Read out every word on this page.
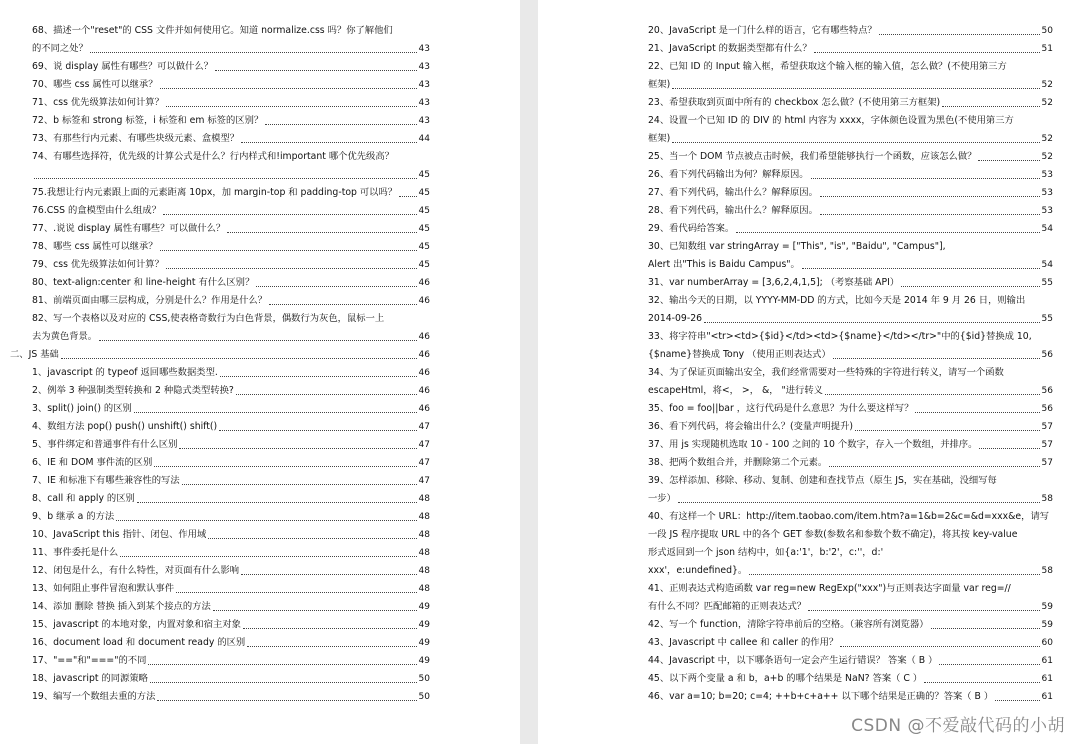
68、描述一个"reset"的 CSS 文件并如何使用它。知道 normalize.css 吗？你了解他们
的不同之处？	43
69、说 display 属性有哪些？可以做什么？	43
70、哪些 css 属性可以继承？	43
71、css 优先级算法如何计算？	43
72、b 标签和 strong 标签，i 标签和 em 标签的区别？	43
73、有那些行内元素、有哪些块级元素、盒模型？	44
74、有哪些选择符，优先级的计算公式是什么？行内样式和!important 哪个优先级高？
45
75.我想让行内元素跟上面的元素距离 10px，加 margin-top 和 padding-top 可以吗？ 45
76.CSS 的盒模型由什么组成？	45
77、.说说 display 属性有哪些？可以做什么？	45
78、哪些 css 属性可以继承？	45
79、css 优先级算法如何计算？	45
80、text-align:center 和 line-height 有什么区别？	46
81、前端页面由哪三层构成，分别是什么？作用是什么？	46
82、写一个表格以及对应的 CSS,使表格奇数行为白色背景，偶数行为灰色，鼠标一上
去为黄色背景。	46
二、JS 基础	46
1、javascript 的 typeof 返回哪些数据类型.	46
2、例举 3 种强制类型转换和 2 种隐式类型转换?	46
3、split() join() 的区别	46
4、数组方法 pop() push() unshift() shift()	47
5、事件绑定和普通事件有什么区别	47
6、IE 和 DOM 事件流的区别	47
7、IE 和标准下有哪些兼容性的写法	47
8、call 和 apply 的区别	48
9、b 继承 a 的方法	48
10、JavaScript this 指针、闭包、作用域	48
11、事件委托是什么	48
12、闭包是什么，有什么特性，对页面有什么影响	48
13、如何阻止事件冒泡和默认事件	48
14、添加 删除 替换 插入到某个接点的方法	49
15、javascript 的本地对象，内置对象和宿主对象	49
16、document load 和 document ready 的区别	49
17、"=="和"==="的不同	49
18、javascript 的同源策略	50
19、编写一个数组去重的方法	50
20、JavaScript 是一门什么样的语言，它有哪些特点？	50
21、JavaScript 的数据类型都有什么？	51
22、已知 ID 的 Input 输入框，希望获取这个输入框的输入值，怎么做？(不使用第三方
框架)	52
23、希望获取到页面中所有的 checkbox 怎么做？(不使用第三方框架)	52
24、设置一个已知 ID 的 DIV 的 html 内容为 xxxx，字体颜色设置为黑色(不使用第三方
框架)	52
25、当一个 DOM 节点被点击时候，我们希望能够执行一个函数，应该怎么做？	52
26、看下列代码输出为何？解释原因。	53
27、看下列代码，输出什么？解释原因。	53
28、看下列代码，输出什么？解释原因。	53
29、看代码给答案。	54
30、已知数组 var stringArray = ["This", "is", "Baidu", "Campus"],
Alert 出"This is Baidu Campus"。	54
31、var numberArray = [3,6,2,4,1,5]; （考察基础 API）	55
32、输出今天的日期，以 YYYY-MM-DD 的方式，比如今天是 2014 年 9 月 26 日，则输出
2014-09-26	55
33、将字符串"<tr><td>{$id}</td><td>{$name}</td></tr>"中的{$id}替换成 10,
{$name}替换成 Tony （使用正则表达式）	56
34、为了保证页面输出安全，我们经常需要对一些特殊的字符进行转义，请写一个函数
escapeHtml，将<， >， &， "进行转义	56
35、foo = foo||bar ，这行代码是什么意思？为什么要这样写？	56
36、看下列代码，将会输出什么？(变量声明提升)	57
37、用 js 实现随机选取 10 - 100 之间的 10 个数字，存入一个数组，并排序。	57
38、把两个数组合并，并删除第二个元素。	57
39、怎样添加、移除、移动、复制、创建和查找节点（原生 JS，实在基础，没细写每
一步）	58
40、有这样一个 URL：http://item.taobao.com/item.htm?a=1&b=2&c=&d=xxx&e，请写
一段 JS 程序提取 URL 中的各个 GET 参数(参数名和参数个数不确定)，将其按 key-value
形式返回到一个 json 结构中，如{a:'1'，b:'2'，c:''，d:'
xxx'，e:undefined}。	58
41、正则表达式构造函数 var reg=new RegExp("xxx")与正则表达字面量 var reg=//
有什么不同？匹配邮箱的正则表达式？	59
42、写一个 function，清除字符串前后的空格。（兼容所有浏览器）	59
43、Javascript 中 callee 和 caller 的作用？	60
44、Javascript 中，以下哪条语句一定会产生运行错误？ 答案（ B ）	61
45、以下两个变量 a 和 b，a+b 的哪个结果是 NaN? 答案（ C ）	61
46、var a=10; b=20; c=4; ++b+c+a++ 以下哪个结果是正确的？答案（ B ）	61
CSDN @不爱敲代码的小胡
